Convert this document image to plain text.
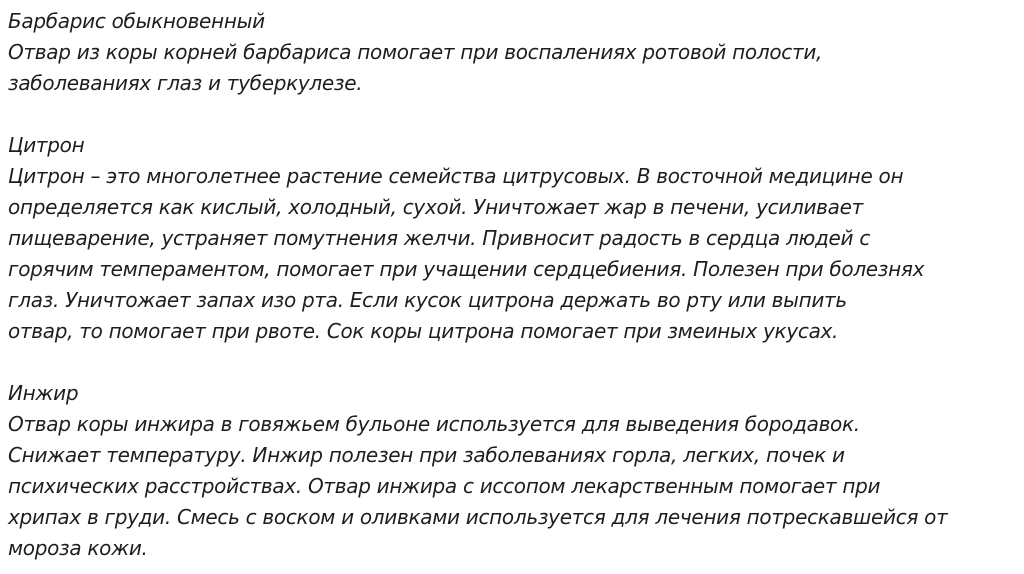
Барбарис обыкновенный
Отвар из коры корней барбариса помогает при воспалениях ротовой полости,
заболеваниях глаз и туберкулезе.
Цитрон
Цитрон – это многолетнее растение семейства цитрусовых. В восточной медицине он
определяется как кислый, холодный, сухой. Уничтожает жар в печени, усиливает
пищеварение, устраняет помутнения желчи. Привносит радость в сердца людей с
горячим темпераментом, помогает при учащении сердцебиения. Полезен при болезнях
глаз. Уничтожает запах изо рта. Если кусок цитрона держать во рту или выпить
отвар, то помогает при рвоте. Сок коры цитрона помогает при змеиных укусах.
Инжир
Отвар коры инжира в говяжьем бульоне используется для выведения бородавок.
Снижает температуру. Инжир полезен при заболеваниях горла, легких, почек и
психических расстройствах. Отвар инжира с иссопом лекарственным помогает при
хрипах в груди. Смесь с воском и оливками используется для лечения потрескавшейся от
мороза кожи.
